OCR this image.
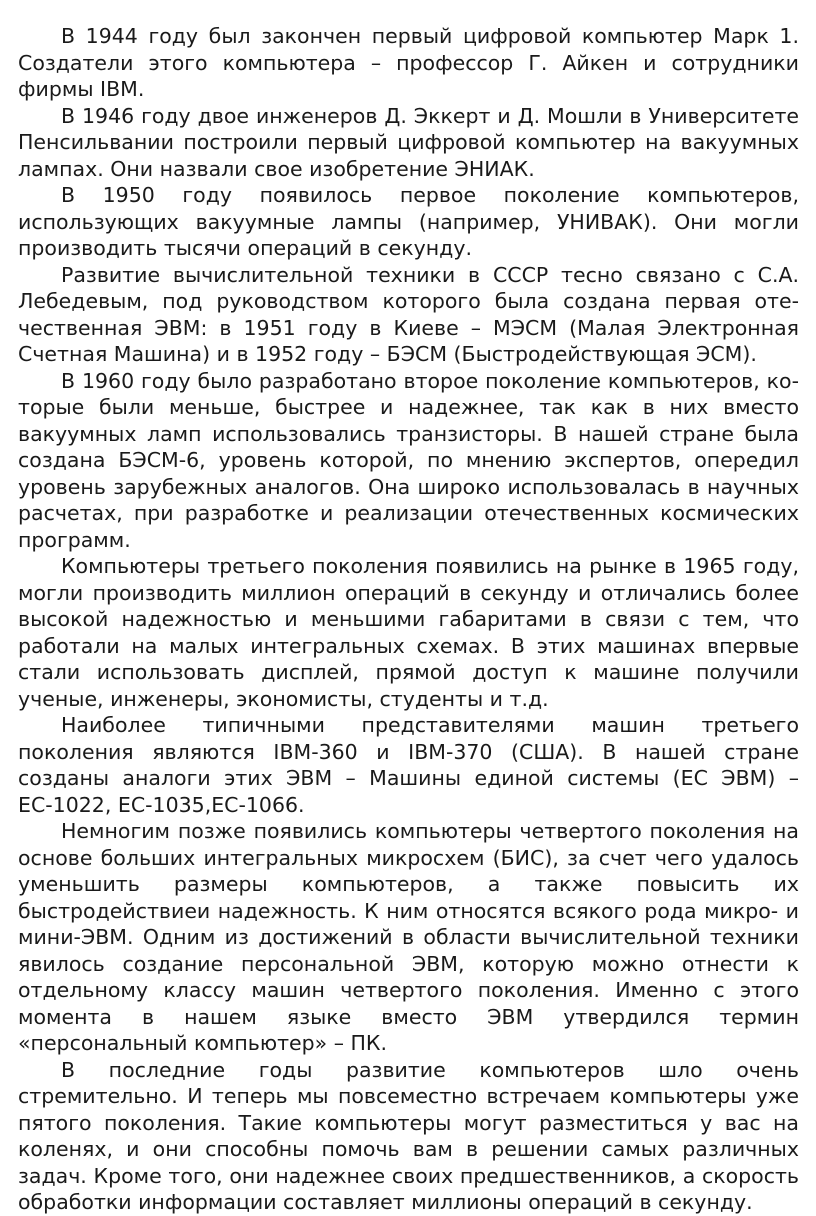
В 1944 году был закончен первый цифровой компьютер Марк 1. Создатели этого компьютера – профессор Г. Айкен и сотрудники фирмы IBM.

В 1946 году двое инженеров Д. Эккерт и Д. Мошли в Университете Пенсильвании построили первый цифровой компьютер на вакуумных лампах. Они назвали свое изобретение ЭНИАК.

В 1950 году появилось первое поколение компьютеров, использующих вакуумные лампы (например, УНИВАК). Они могли производить тысячи операций в секунду.

Развитие вычислительной техники в СССР тесно связано с С.А. Лебедевым, под руководством которого была создана первая отечественная ЭВМ: в 1951 году в Киеве – МЭСМ (Малая Электронная Счетная Машина) и в 1952 году – БЭСМ (Быстродействующая ЭСМ).

В 1960 году было разработано второе поколение компьютеров, которые были меньше, быстрее и надежнее, так как в них вместо вакуумных ламп использовались транзисторы. В нашей стране была создана БЭСМ-6, уровень которой, по мнению экспертов, опередил уровень зарубежных аналогов. Она широко использовалась в научных расчетах, при разработке и реализации отечественных космических программ.

Компьютеры третьего поколения появились на рынке в 1965 году, могли производить миллион операций в секунду и отличались более высокой надежностью и меньшими габаритами в связи с тем, что работали на малых интегральных схемах. В этих машинах впервые стали использовать дисплей, прямой доступ к машине получили ученые, инженеры, экономисты, студенты и т.д.

Наиболее типичными представителями машин третьего поколения являются IBM-360 и IBM-370 (США). В нашей стране созданы аналоги этих ЭВМ – Машины единой системы (ЕС ЭВМ) – ЕС-1022, ЕС-1035,ЕС-1066.

Немногим позже появились компьютеры четвертого поколения на основе больших интегральных микросхем (БИС), за счет чего удалось уменьшить размеры компьютеров, а также повысить их быстродействиеи надежность. К ним относятся всякого рода микро- и мини-ЭВМ. Одним из достижений в области вычислительной техники явилось создание персональной ЭВМ, которую можно отнести к отдельному классу машин четвертого поколения. Именно с этого момента в нашем языке вместо ЭВМ утвердился термин «персональный компьютер» – ПК.

В последние годы развитие компьютеров шло очень стремительно. И теперь мы повсеместно встречаем компьютеры уже пятого поколения. Такие компьютеры могут разместиться у вас на коленях, и они способны помочь вам в решении самых различных задач. Кроме того, они надежнее своих предшественников, а скорость обработки информации составляет миллионы операций в секунду.
